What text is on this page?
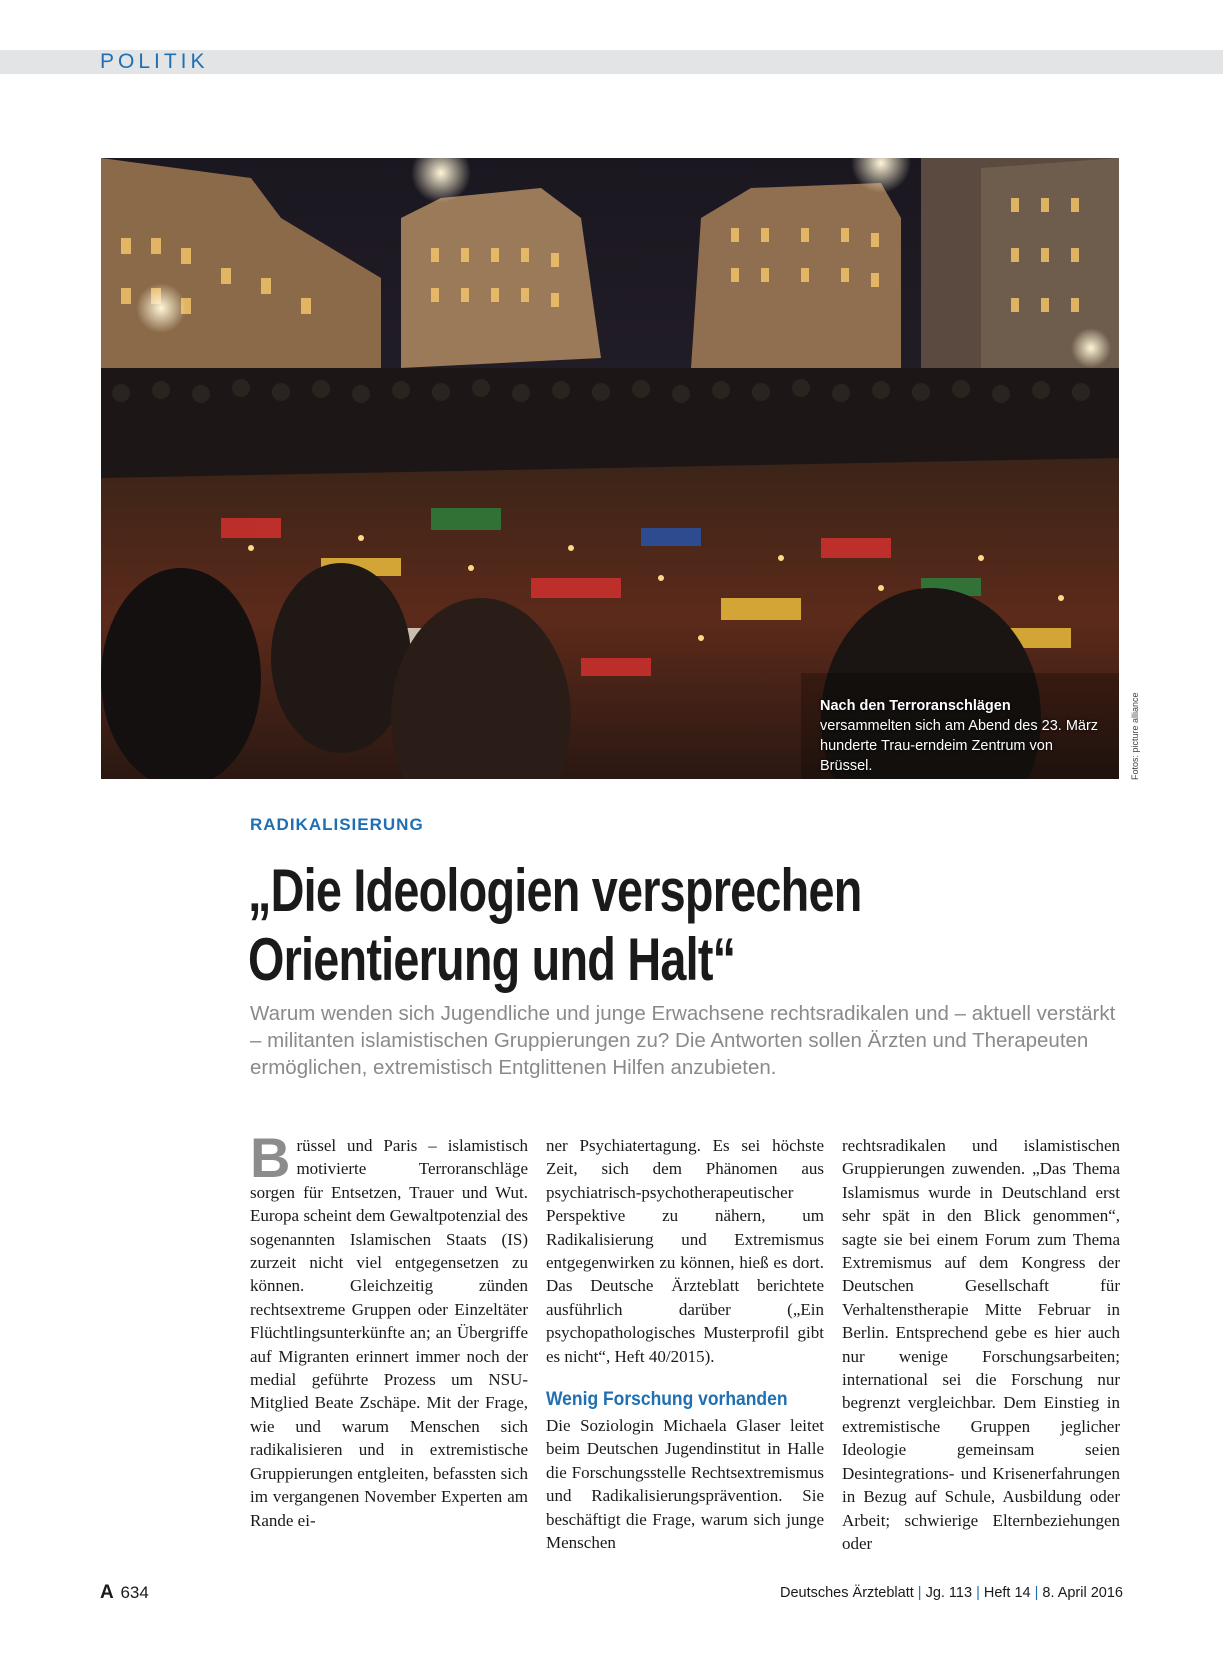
POLITIK
Nach den Terroranschlägen versammelten sich am Abend des 23. März hunderte Trau-erndeim Zentrum von Brüssel.	Fotos: picture alliance
RADIKALISIERUNG
„Die Ideologien versprechen
Orientierung und Halt“
Warum wenden sich Jugendliche und junge Erwachsene rechtsradikalen und – aktuell verstärkt – militanten islamistischen Gruppierungen zu? Die Antworten sollen Ärzten und Therapeuten ermöglichen, extremistisch Entglittenen Hilfen anzubieten.

Brüssel und Paris – islamistisch motivierte Terroranschläge sorgen für Entsetzen, Trauer und Wut. Europa scheint dem Gewaltpotenzial des sogenannten Islamischen Staats (IS) zurzeit nicht viel entgegensetzen zu können. Gleichzeitig zünden rechtsextreme Gruppen oder Einzeltäter Flüchtlingsunterkünfte an; an Übergriffe auf Migranten erinnert immer noch der medial geführte Prozess um NSU-Mitglied Beate Zschäpe. Mit der Frage, wie und warum Menschen sich radikalisieren und in extremistische Gruppierungen entgleiten, befassten sich im vergangenen November Experten am Rande ei-

ner Psychiatertagung. Es sei höchste Zeit, sich dem Phänomen aus psychiatrisch-psychotherapeutischer Perspektive zu nähern, um Radikalisierung und Extremismus entgegenwirken zu können, hieß es dort. Das Deutsche Ärzteblatt berichtete ausführlich darüber („Ein psychopathologisches Musterprofil gibt es nicht“, Heft 40/2015).

Wenig Forschung vorhanden

Die Soziologin Michaela Glaser leitet beim Deutschen Jugendinstitut in Halle die Forschungsstelle Rechtsextremismus und Radikalisierungsprävention. Sie beschäftigt die Frage, warum sich junge Menschen

rechtsradikalen und islamistischen Gruppierungen zuwenden. „Das Thema Islamismus wurde in Deutschland erst sehr spät in den Blick genommen“, sagte sie bei einem Forum zum Thema Extremismus auf dem Kongress der Deutschen Gesellschaft für Verhaltenstherapie Mitte Februar in Berlin. Entsprechend gebe es hier auch nur wenige Forschungsarbeiten; international sei die Forschung nur begrenzt vergleichbar. Dem Einstieg in extremistische Gruppen jeglicher Ideologie gemeinsam seien Desintegrations- und Krisenerfahrungen in Bezug auf Schule, Ausbildung oder Arbeit; schwierige Elternbeziehungen oder

A 634	Deutsches Ärzteblatt | Jg. 113 | Heft 14 | 8. April 2016
